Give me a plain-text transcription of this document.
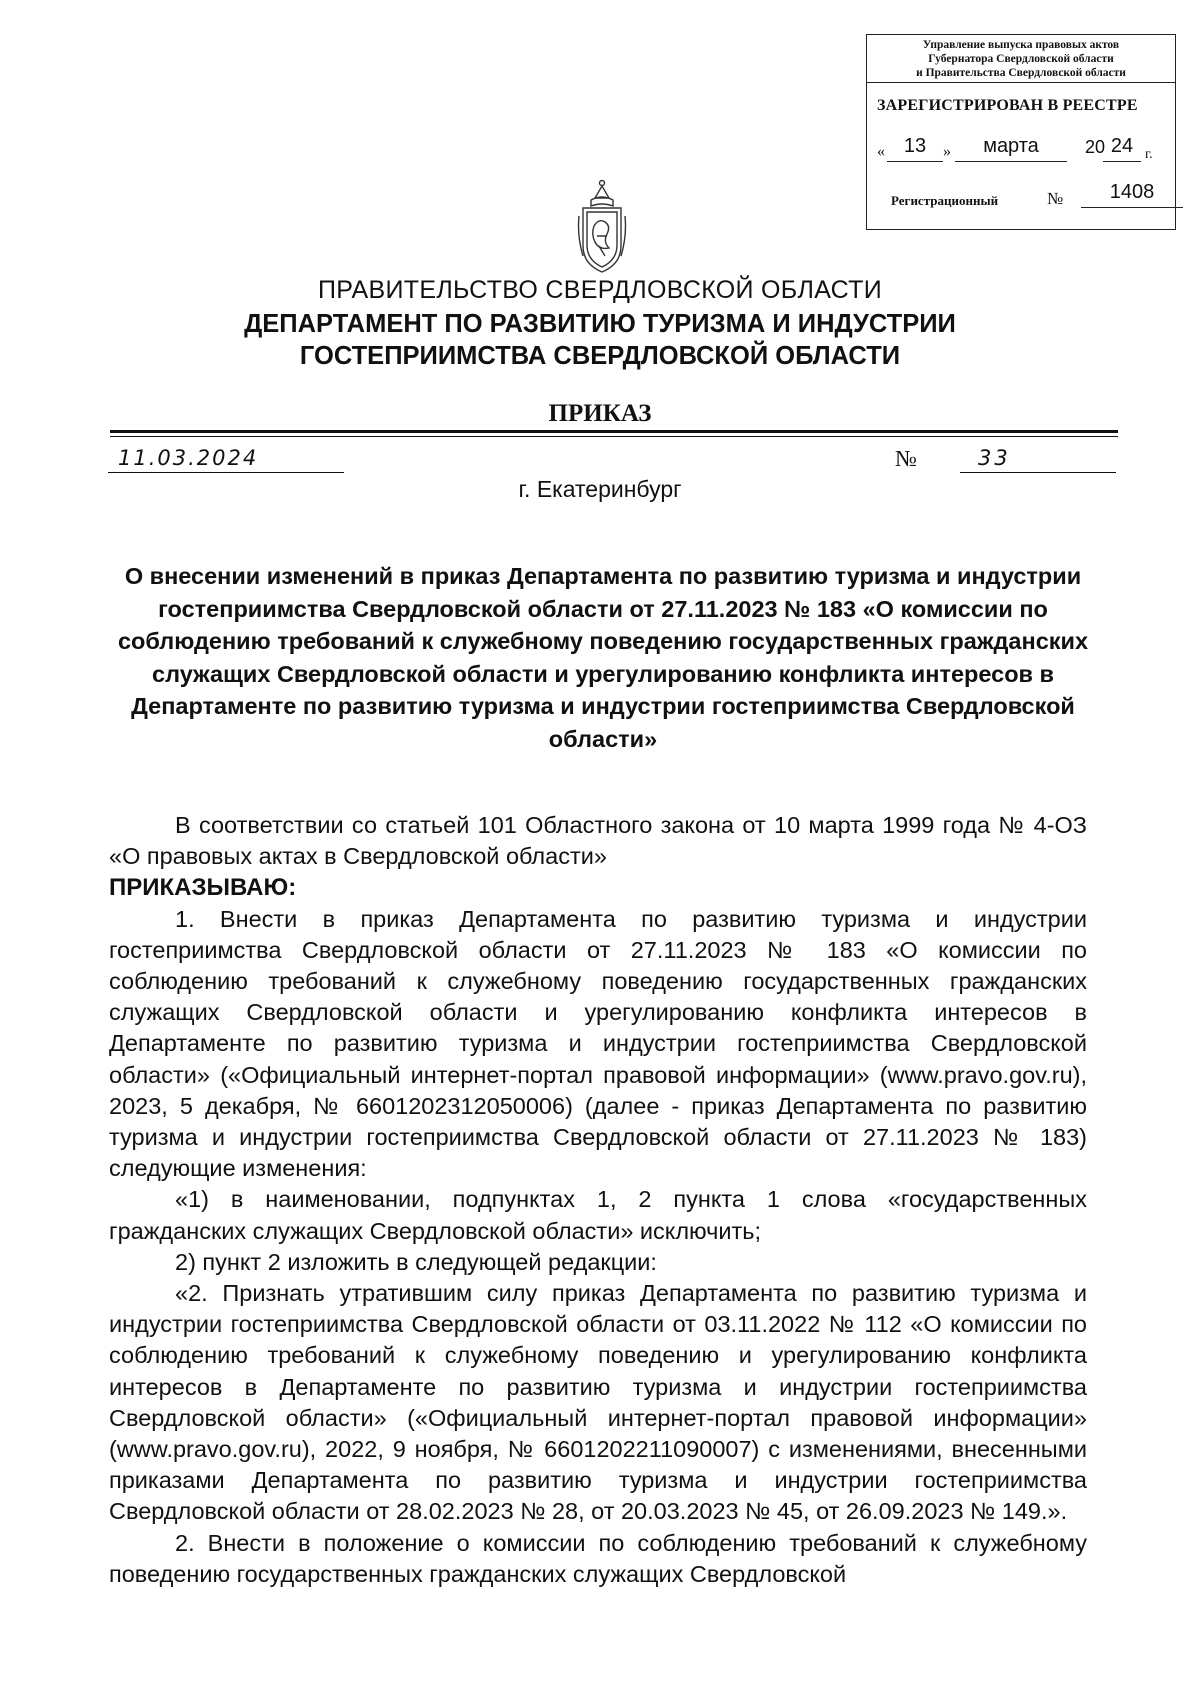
Управление выпуска правовых актов
Губернатора Свердловской области
и Правительства Свердловской области
ЗАРЕГИСТРИРОВАН В РЕЕСТРЕ
« 13	»	марта	20 24 г.
Регистрационный	№	1408
ПРАВИТЕЛЬСТВО СВЕРДЛОВСКОЙ ОБЛАСТИ
ДЕПАРТАМЕНТ ПО РАЗВИТИЮ ТУРИЗМА И ИНДУСТРИИ
ГОСТЕПРИИМСТВА СВЕРДЛОВСКОЙ ОБЛАСТИ
ПРИКАЗ
11.03.2024	№	33
г. Екатеринбург

О внесении изменений в приказ Департамента по развитию туризма и индустрии гостеприимства Свердловской области от 27.11.2023 № 183 «О комиссии по соблюдению требований к служебному поведению государственных гражданских служащих Свердловской области и урегулированию конфликта интересов в Департаменте по развитию туризма и индустрии гостеприимства Свердловской области»

В соответствии со статьей 101 Областного закона от 10 марта 1999 года № 4-ОЗ «О правовых актах в Свердловской области»

ПРИКАЗЫВАЮ:

1. Внести в приказ Департамента по развитию туризма и индустрии гостеприимства Свердловской области от 27.11.2023 № 183 «О комиссии по соблюдению требований к служебному поведению государственных гражданских служащих Свердловской области и урегулированию конфликта интересов в Департаменте по развитию туризма и индустрии гостеприимства Свердловской области» («Официальный интернет-портал правовой информации» (www.pravo.gov.ru), 2023, 5 декабря, № 6601202312050006) (далее - приказ Департамента по развитию туризма и индустрии гостеприимства Свердловской области от 27.11.2023 № 183) следующие изменения:

«1) в наименовании, подпунктах 1, 2 пункта 1 слова «государственных гражданских служащих Свердловской области» исключить;

2) пункт 2 изложить в следующей редакции:

«2. Признать утратившим силу приказ Департамента по развитию туризма и индустрии гостеприимства Свердловской области от 03.11.2022 № 112 «О комиссии по соблюдению требований к служебному поведению и урегулированию конфликта интересов в Департаменте по развитию туризма и индустрии гостеприимства Свердловской области» («Официальный интернет-портал правовой информации» (www.pravo.gov.ru), 2022, 9 ноября, № 6601202211090007) с изменениями, внесенными приказами Департамента по развитию туризма и индустрии гостеприимства Свердловской области от 28.02.2023 № 28, от 20.03.2023 № 45, от 26.09.2023 № 149.».

2. Внести в положение о комиссии по соблюдению требований к служебному поведению государственных гражданских служащих Свердловской
